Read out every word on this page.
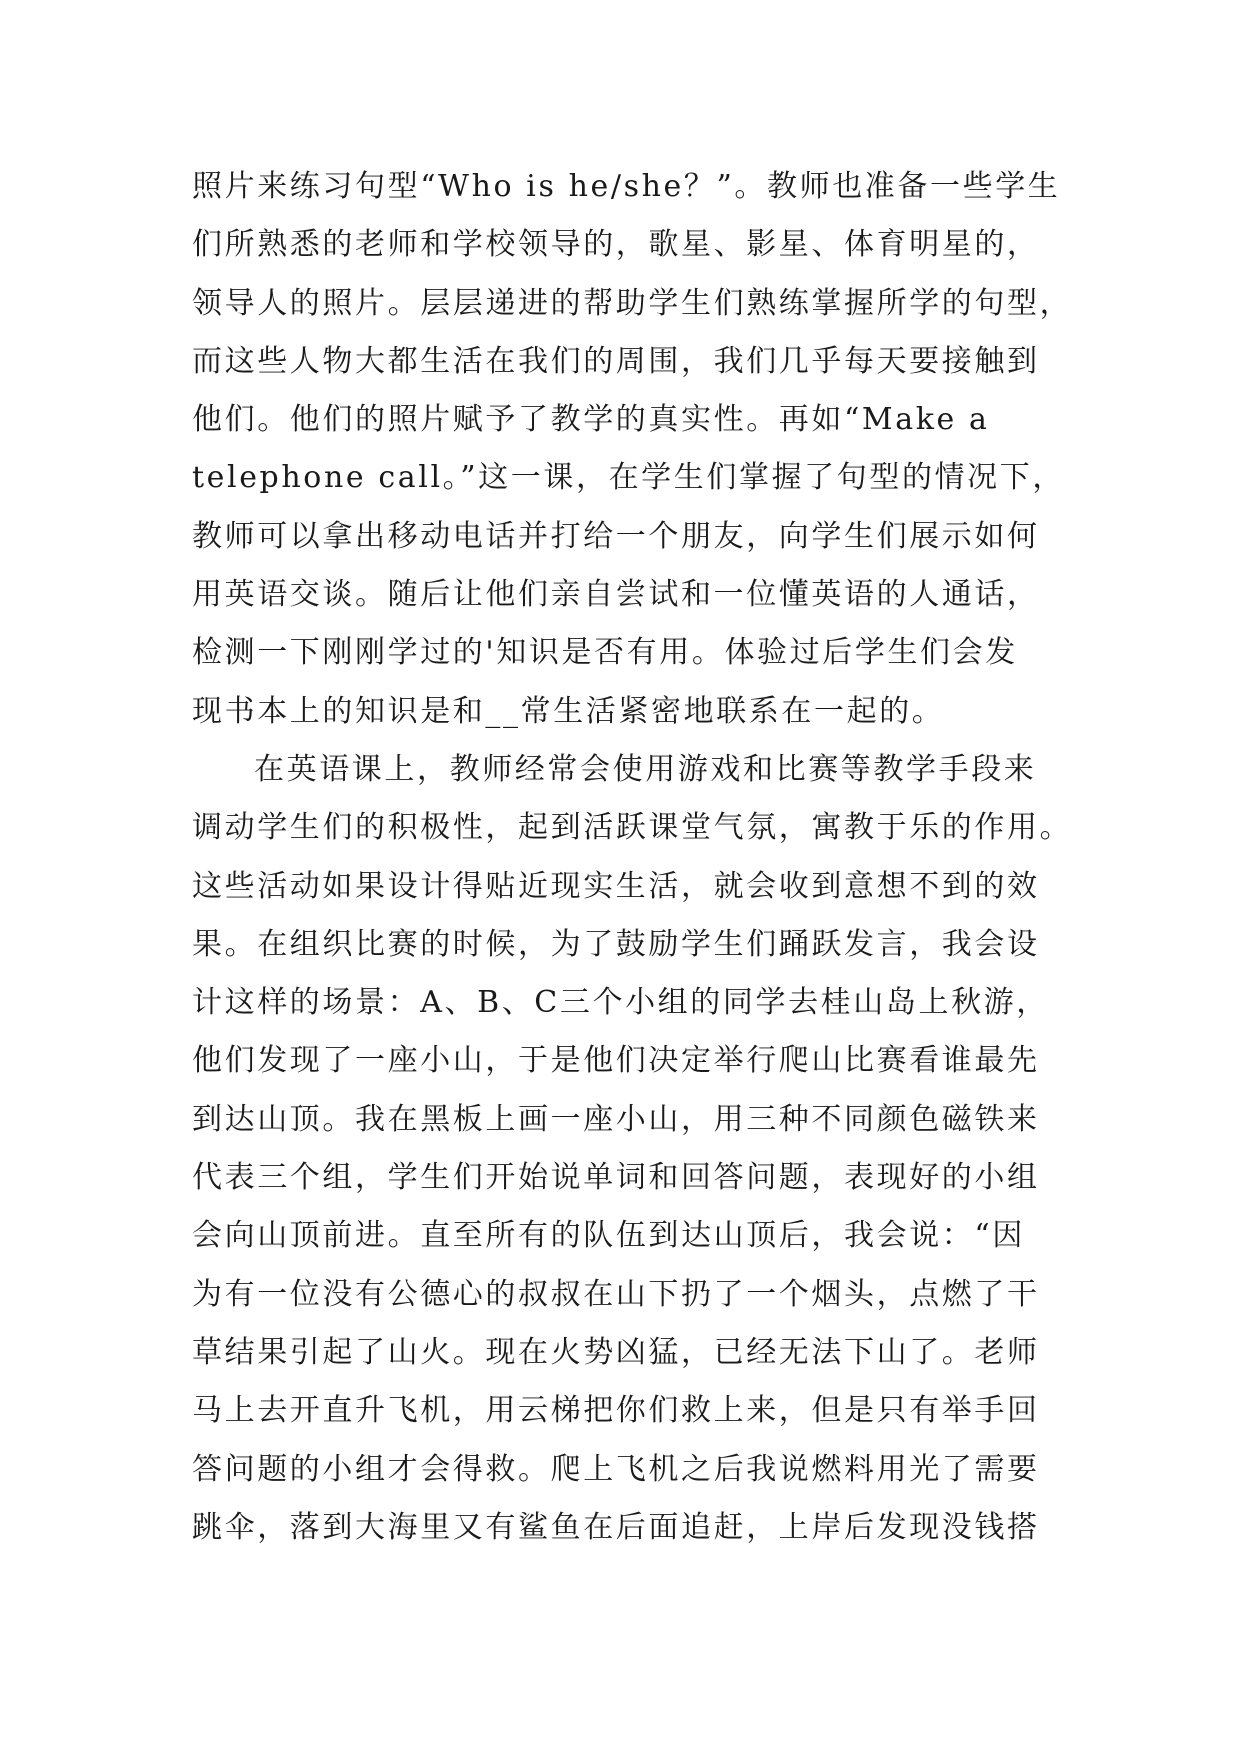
照片来练习句型“Who is he/she？”。教师也准备一些学生
们所熟悉的老师和学校领导的，歌星、影星、体育明星的，
领导人的照片。层层递进的帮助学生们熟练掌握所学的句型，
而这些人物大都生活在我们的周围，我们几乎每天要接触到
他们。他们的照片赋予了教学的真实性。再如“Make a
telephone call。”这一课，在学生们掌握了句型的情况下，
教师可以拿出移动电话并打给一个朋友，向学生们展示如何
用英语交谈。随后让他们亲自尝试和一位懂英语的人通话，
检测一下刚刚学过的'知识是否有用。体验过后学生们会发
现书本上的知识是和__常生活紧密地联系在一起的。
在英语课上，教师经常会使用游戏和比赛等教学手段来
调动学生们的积极性，起到活跃课堂气氛，寓教于乐的作用。
这些活动如果设计得贴近现实生活，就会收到意想不到的效
果。在组织比赛的时候，为了鼓励学生们踊跃发言，我会设
计这样的场景：A、B、C三个小组的同学去桂山岛上秋游，
他们发现了一座小山，于是他们决定举行爬山比赛看谁最先
到达山顶。我在黑板上画一座小山，用三种不同颜色磁铁来
代表三个组，学生们开始说单词和回答问题，表现好的小组
会向山顶前进。直至所有的队伍到达山顶后，我会说：“因
为有一位没有公德心的叔叔在山下扔了一个烟头，点燃了干
草结果引起了山火。现在火势凶猛，已经无法下山了。老师
马上去开直升飞机，用云梯把你们救上来，但是只有举手回
答问题的小组才会得救。爬上飞机之后我说燃料用光了需要
跳伞，落到大海里又有鲨鱼在后面追赶，上岸后发现没钱搭
